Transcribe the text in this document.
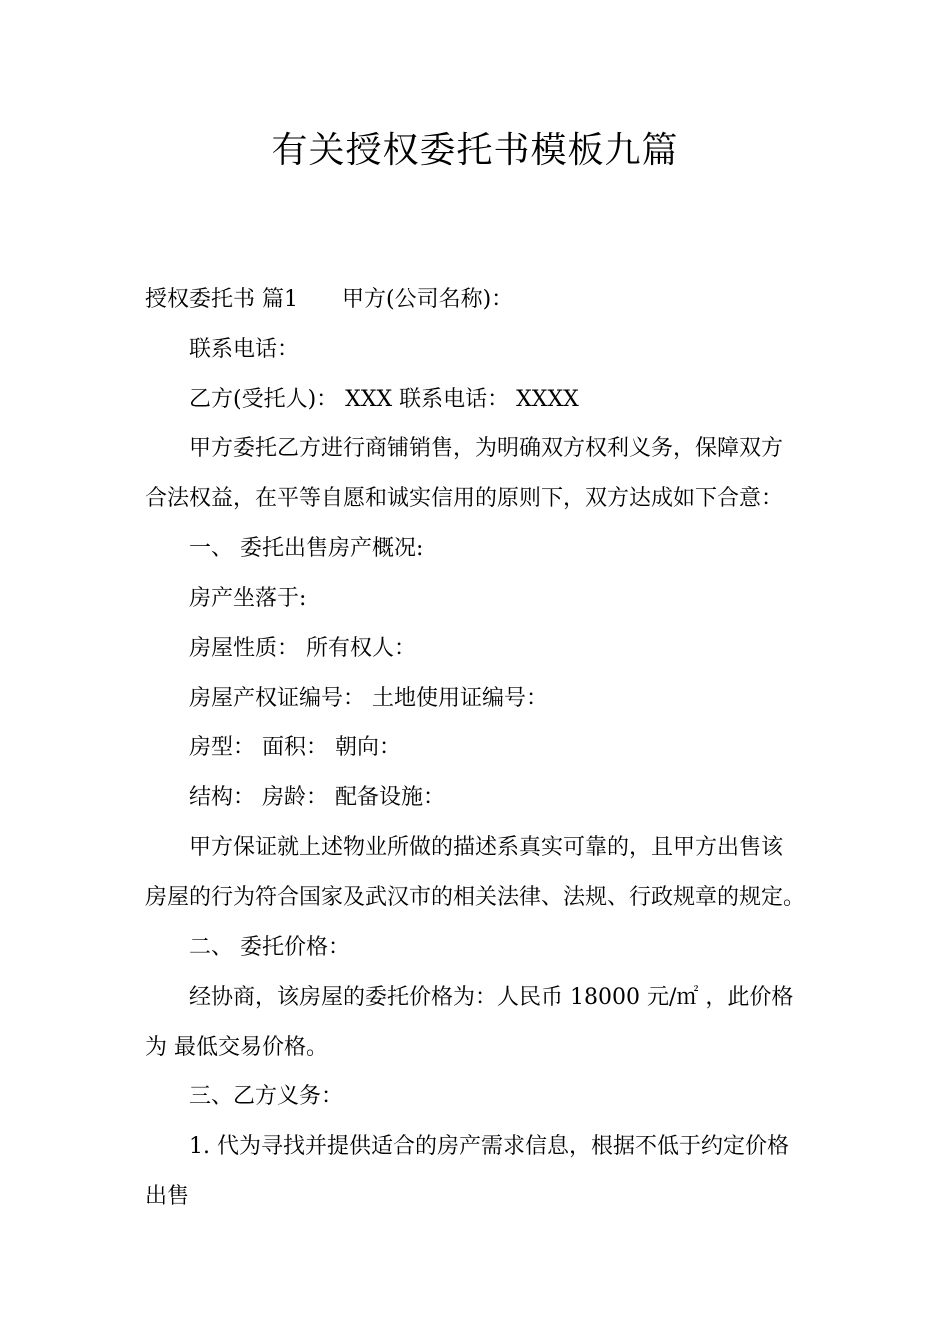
有关授权委托书模板九篇
授权委托书 篇1 甲方(公司名称)：
联系电话：
乙方(受托人)： XXX 联系电话： XXXX
甲方委托乙方进行商铺销售，为明确双方权利义务，保障双方
合法权益，在平等自愿和诚实信用的原则下，双方达成如下合意：
一、 委托出售房产概况:
房产坐落于:
房屋性质： 所有权人：
房屋产权证编号： 土地使用证编号：
房型： 面积： 朝向：
结构： 房龄： 配备设施：
甲方保证就上述物业所做的描述系真实可靠的，且甲方出售该
房屋的行为符合国家及武汉市的相关法律、法规、行政规章的规定。
二、 委托价格：
经协商，该房屋的委托价格为：人民币 18000 元/㎡ ，此价格
为 最低交易价格。
三、乙方义务：
1. 代为寻找并提供适合的房产需求信息，根据不低于约定价格
出售
